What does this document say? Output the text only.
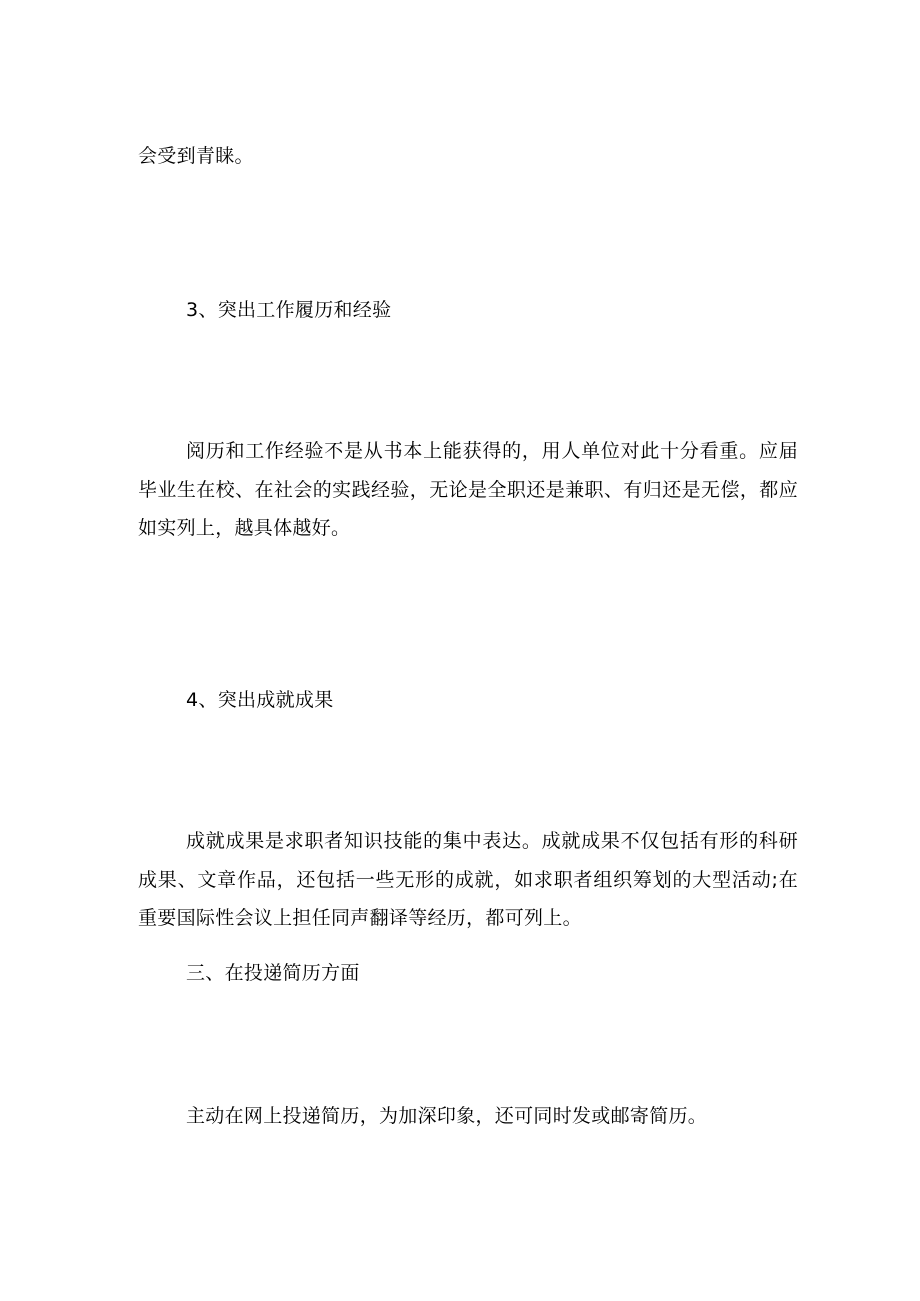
会受到青睐。
3、突出工作履历和经验
阅历和工作经验不是从书本上能获得的，用人单位对此十分看重。应届毕业生在校、在社会的实践经验，无论是全职还是兼职、有归还是无偿，都应如实列上，越具体越好。
4、突出成就成果
成就成果是求职者知识技能的集中表达。成就成果不仅包括有形的科研成果、文章作品，还包括一些无形的成就，如求职者组织筹划的大型活动;在重要国际性会议上担任同声翻译等经历，都可列上。
三、在投递简历方面
主动在网上投递简历，为加深印象，还可同时发或邮寄简历。
